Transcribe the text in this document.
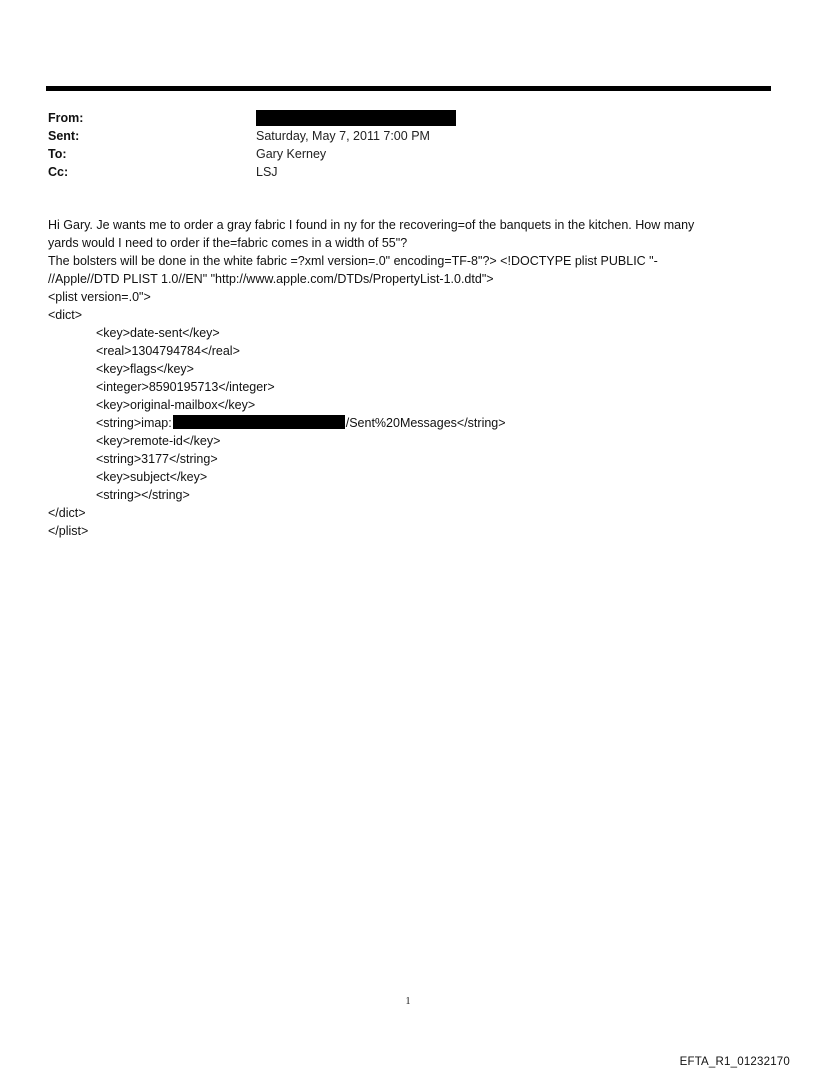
From:
Sent:	Saturday, May 7, 2011 7:00 PM
To:	Gary Kerney
Cc:	LSJ
Hi Gary. Je wants me to order a gray fabric I found in ny for the recovering=of the banquets in the kitchen. How many
yards would I need to order if the=fabric comes in a width of 55"?
The bolsters will be done in the white fabric =?xml version=.0" encoding=TF-8"?> <!DOCTYPE plist PUBLIC "-
//Apple//DTD PLIST 1.0//EN" "http://www.apple.com/DTDs/PropertyList-1.0.dtd">
<plist version=.0">
<dict>
<key>date-sent</key>
<real>1304794784</real>
<key>flags</key>
<integer>8590195713</integer>
<key>original-mailbox</key>
<string>imap:	/Sent%20Messages</string>
<key>remote-id</key>
<string>3177</string>
<key>subject</key>
<string></string>
</dict>
</plist>
1
EFTA_R1_01232170
